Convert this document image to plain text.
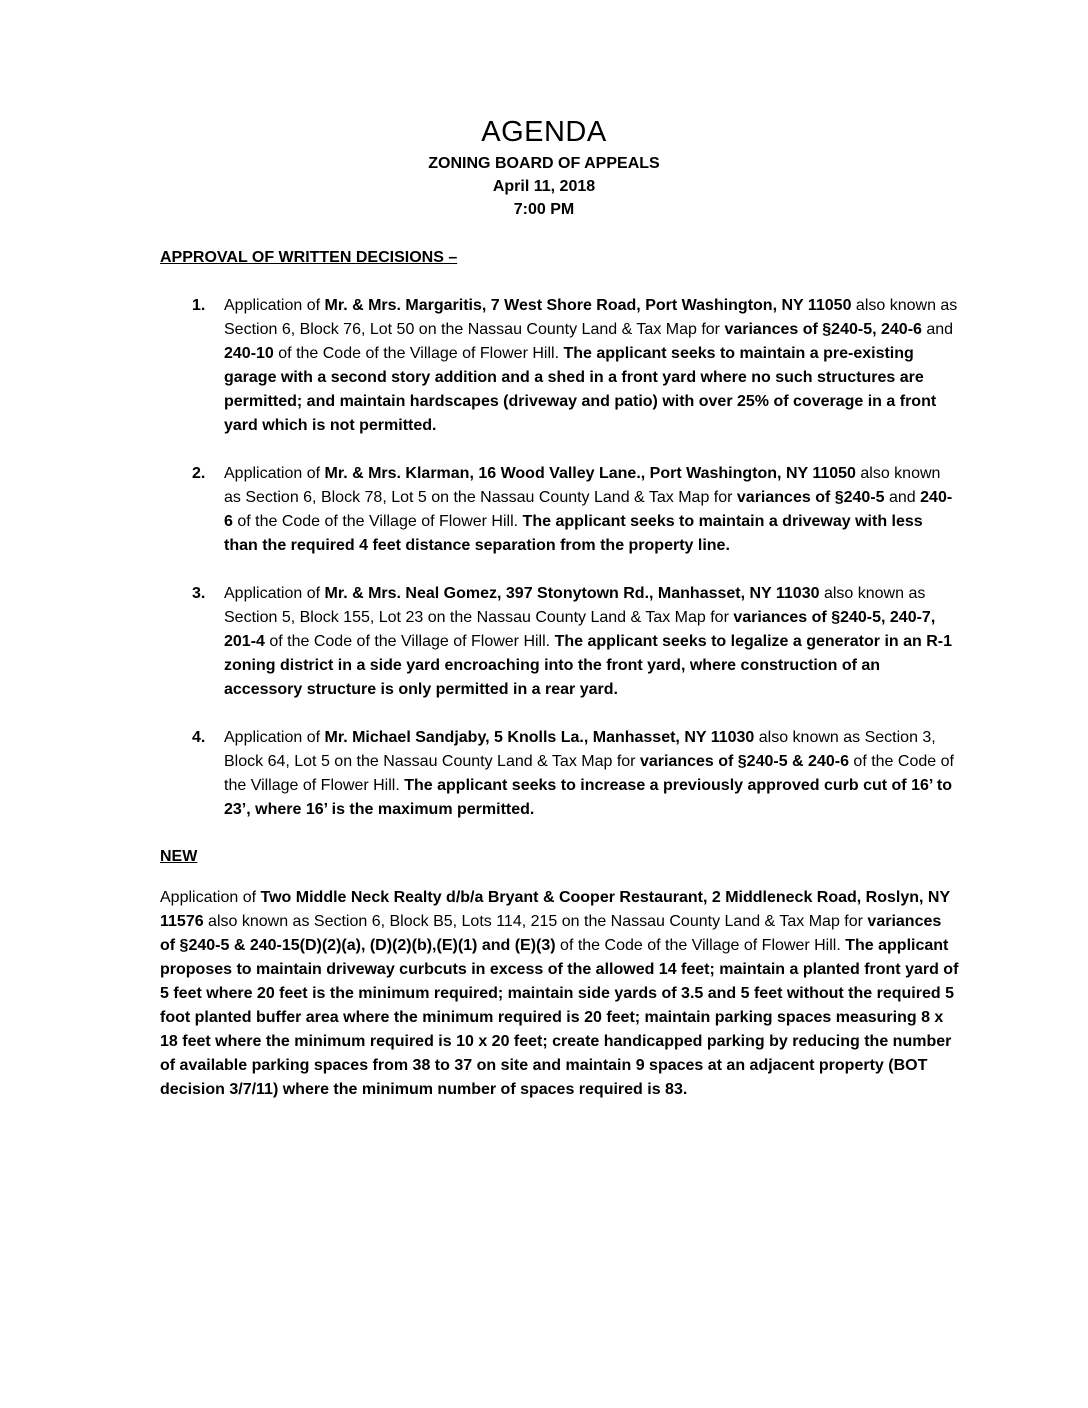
AGENDA

ZONING BOARD OF APPEALS

April 11, 2018

7:00 PM

APPROVAL OF WRITTEN DECISIONS –

1. Application of Mr. & Mrs. Margaritis, 7 West Shore Road, Port Washington, NY 11050 also known as Section 6, Block 76, Lot 50 on the Nassau County Land & Tax Map for variances of §240-5, 240-6 and 240-10 of the Code of the Village of Flower Hill. The applicant seeks to maintain a pre-existing garage with a second story addition and a shed in a front yard where no such structures are permitted; and maintain hardscapes (driveway and patio) with over 25% of coverage in a front yard which is not permitted.
2. Application of Mr. & Mrs. Klarman, 16 Wood Valley Lane., Port Washington, NY 11050 also known as Section 6, Block 78, Lot 5 on the Nassau County Land & Tax Map for variances of §240-5 and 240-6 of the Code of the Village of Flower Hill. The applicant seeks to maintain a driveway with less than the required 4 feet distance separation from the property line.
3. Application of Mr. & Mrs. Neal Gomez, 397 Stonytown Rd., Manhasset, NY 11030 also known as Section 5, Block 155, Lot 23 on the Nassau County Land & Tax Map for variances of §240-5, 240-7, 201-4 of the Code of the Village of Flower Hill. The applicant seeks to legalize a generator in an R-1 zoning district in a side yard encroaching into the front yard, where construction of an accessory structure is only permitted in a rear yard.
4. Application of Mr. Michael Sandjaby, 5 Knolls La., Manhasset, NY 11030 also known as Section 3, Block 64, Lot 5 on the Nassau County Land & Tax Map for variances of §240-5 & 240-6 of the Code of the Village of Flower Hill. The applicant seeks to increase a previously approved curb cut of 16’ to 23’, where 16’ is the maximum permitted.

NEW

Application of Two Middle Neck Realty d/b/a Bryant & Cooper Restaurant, 2 Middleneck Road, Roslyn, NY 11576 also known as Section 6, Block B5, Lots 114, 215 on the Nassau County Land & Tax Map for variances of §240-5 & 240-15(D)(2)(a), (D)(2)(b),(E)(1) and (E)(3) of the Code of the Village of Flower Hill. The applicant proposes to maintain driveway curbcuts in excess of the allowed 14 feet; maintain a planted front yard of 5 feet where 20 feet is the minimum required; maintain side yards of 3.5 and 5 feet without the required 5 foot planted buffer area where the minimum required is 20 feet; maintain parking spaces measuring 8 x 18 feet where the minimum required is 10 x 20 feet; create handicapped parking by reducing the number of available parking spaces from 38 to 37 on site and maintain 9 spaces at an adjacent property (BOT decision 3/7/11) where the minimum number of spaces required is 83.
